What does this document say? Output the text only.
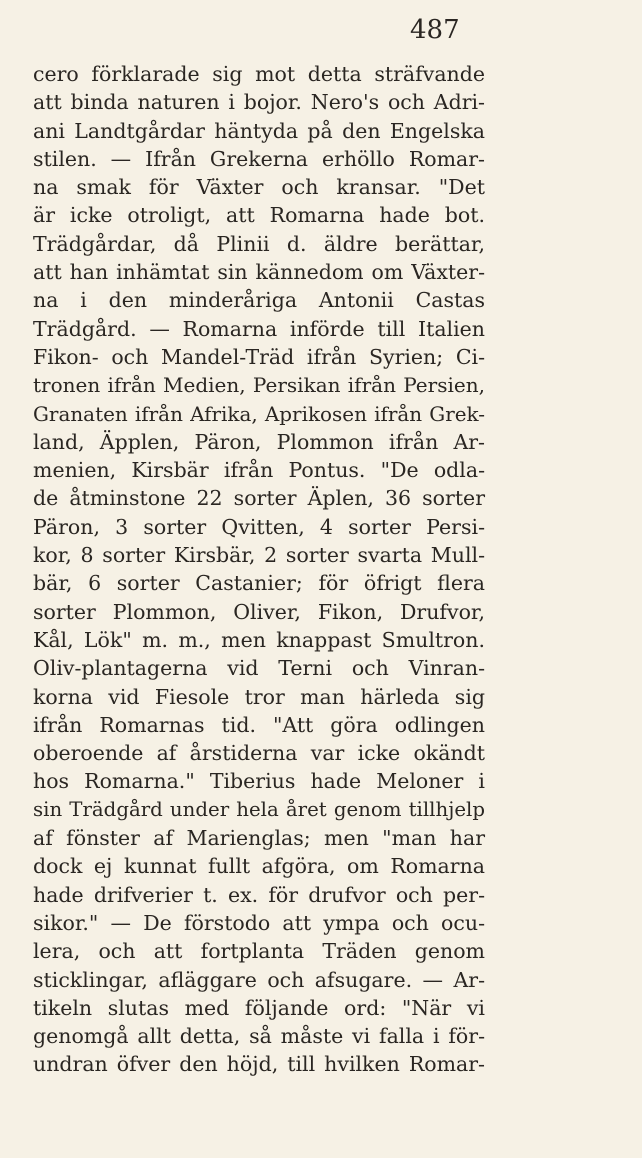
487
cero förklarade sig mot detta sträfvande
att binda naturen i bojor. Nero's och Adri-
ani Landtgårdar häntyda på den Engelska
stilen. — Ifrån Grekerna erhöllo Romar-
na smak för Växter och kransar. "Det
är icke otroligt, att Romarna hade bot.
Trädgårdar, då Plinii d. äldre berättar,
att han inhämtat sin kännedom om Växter-
na i den minderåriga Antonii Castas
Trädgård. — Romarna införde till Italien
Fikon- och Mandel-Träd ifrån Syrien; Ci-
tronen ifrån Medien, Persikan ifrån Persien,
Granaten ifrån Afrika, Aprikosen ifrån Grek-
land, Äpplen, Päron, Plommon ifrån Ar-
menien, Kirsbär ifrån Pontus. "De odla-
de åtminstone 22 sorter Äplen, 36 sorter
Päron, 3 sorter Qvitten, 4 sorter Persi-
kor, 8 sorter Kirsbär, 2 sorter svarta Mull-
bär, 6 sorter Castanier; för öfrigt flera
sorter Plommon, Oliver, Fikon, Drufvor,
Kål, Lök" m. m., men knappast Smultron.
Oliv-plantagerna vid Terni och Vinran-
korna vid Fiesole tror man härleda sig
ifrån Romarnas tid. "Att göra odlingen
oberoende af årstiderna var icke okändt
hos Romarna." Tiberius hade Meloner i
sin Trädgård under hela året genom tillhjelp
af fönster af Marienglas; men "man har
dock ej kunnat fullt afgöra, om Romarna
hade drifverier t. ex. för drufvor och per-
sikor." — De förstodo att ympa och ocu-
lera, och att fortplanta Träden genom
sticklingar, afläggare och afsugare. — Ar-
tikeln slutas med följande ord: "När vi
genomgå allt detta, så måste vi falla i för-
undran öfver den höjd, till hvilken Romar-
